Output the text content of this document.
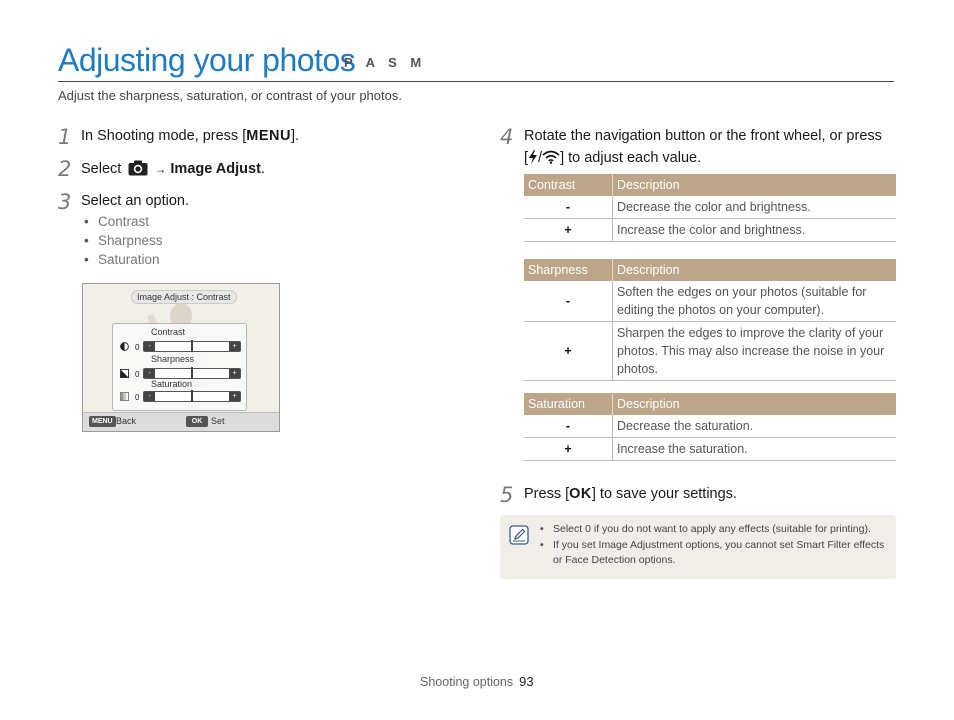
Adjusting your photos
P A S M
Adjust the sharpness, saturation, or contrast of your photos.
1 In Shooting mode, press [MENU].
2 Select	→ Image Adjust.
3 Select an option.
• Contrast
• Sharpness
• Saturation
Image Adjust : Contrast
Contrast
0	-	+
Sharpness
0	-	+
Saturation
0	-	+
MENU Back	OK Set
4 Rotate the navigation button or the front wheel, or press
[ / ] to adjust each value.
Contrast	Description
-	Decrease the color and brightness.
+	Increase the color and brightness.
Sharpness	Description
-	Soften the edges on your photos (suitable for editing the photos on your computer).
+	Sharpen the edges to improve the clarity of your photos. This may also increase the noise in your photos.
Saturation	Description
-	Decrease the saturation.
+	Increase the saturation.
5 Press [OK] to save your settings.
• Select 0 if you do not want to apply any effects (suitable for printing).
• If you set Image Adjustment options, you cannot set Smart Filter effects or Face Detection options.
Shooting options 93
